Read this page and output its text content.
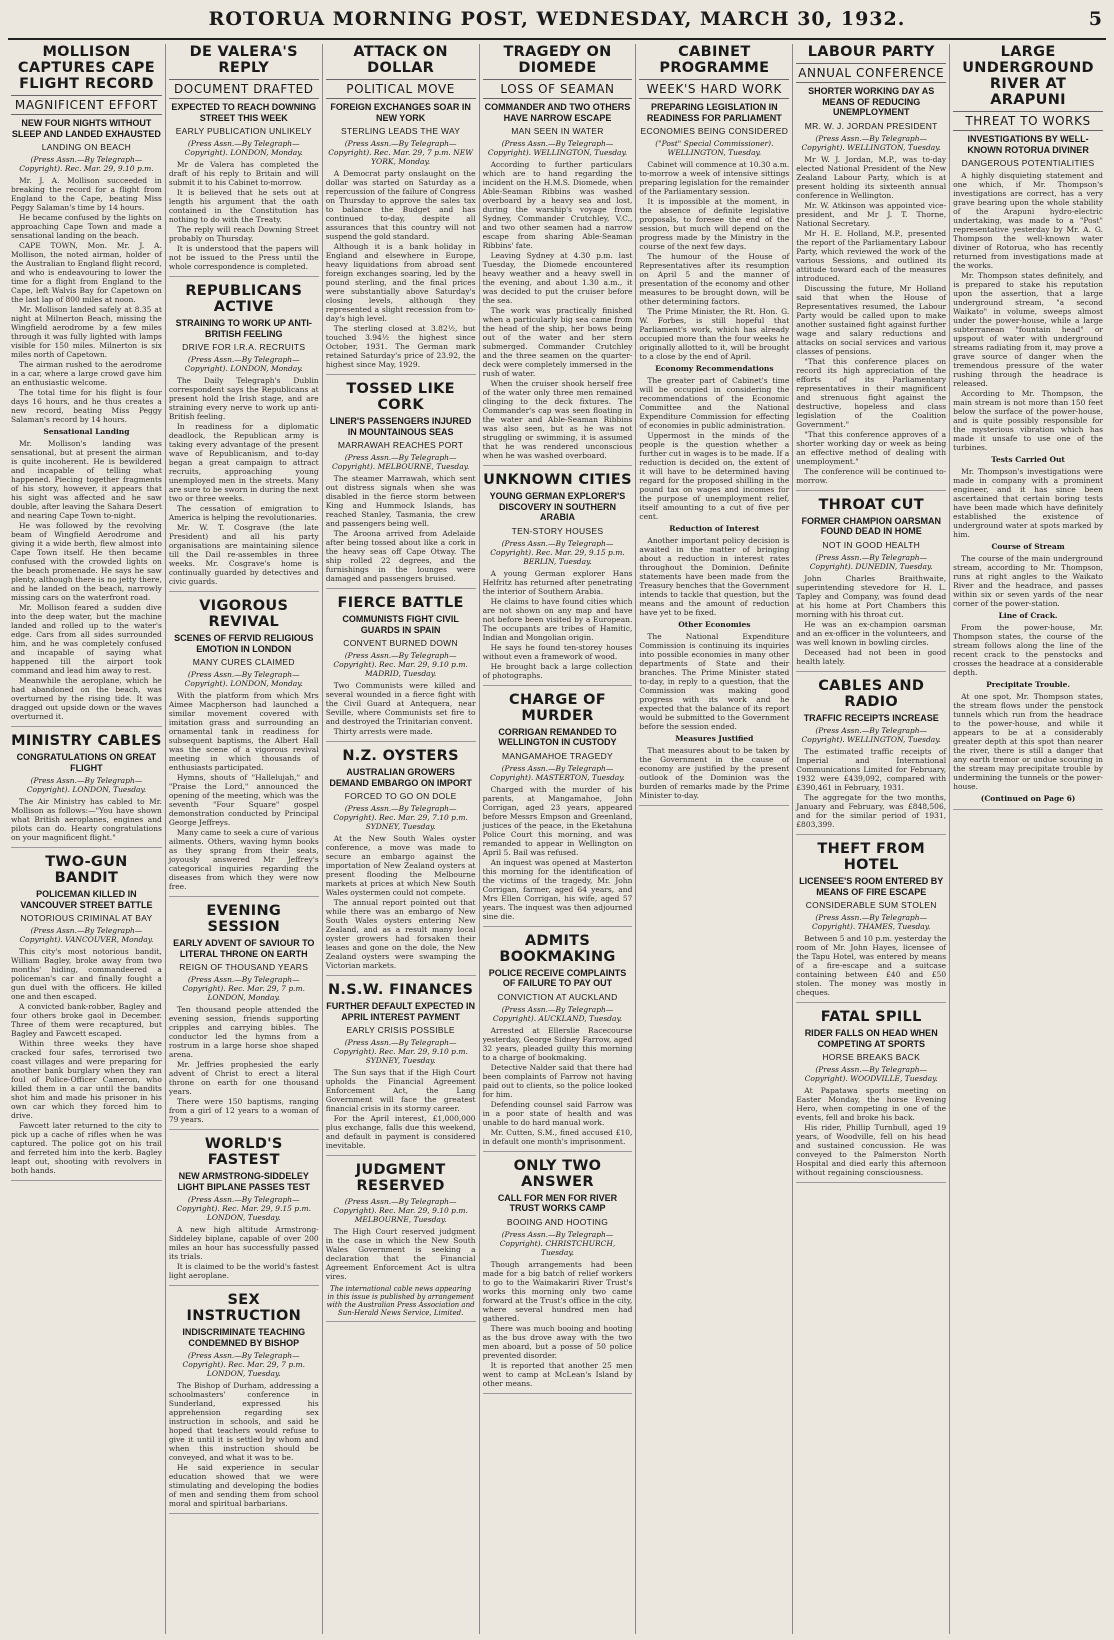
ROTORUA MORNING POST, WEDNESDAY, MARCH 30, 1932.	5
MOLLISON CAPTURES CAPE FLIGHT RECORD
MAGNIFICENT EFFORT
NEW FOUR NIGHTS WITHOUT SLEEP AND LANDED EXHAUSTED
LANDING ON BEACH
(Press Assn.—By Telegraph—Copyright). Rec. Mar. 29, 9.10 p.m.

Mr. J. A. Mollison succeeded in breaking the record for a flight from England to the Cape, beating Miss Peggy Salaman's time by 14 hours.

He became confused by the lights on approaching Cape Town and made a sensational landing on the beach.

CAPE TOWN, Mon. Mr. J. A. Mollison, the noted airman, holder of the Australian to England flight record, and who is endeavouring to lower the time for a flight from England to the Cape, left Walvis Bay for Capetown on the last lap of 800 miles at noon.

Mr. Mollison landed safely at 8.35 at night at Milnerton Beach, missing the Wingfield aerodrome by a few miles through it was fully lighted with lamps visible for 150 miles. Milnerton is six miles north of Capetown.

The airman rushed to the aerodrome in a car, where a large crowd gave him an enthusiastic welcome.

The total time for his flight is four days 16 hours, and he thus creates a new record, beating Miss Peggy Salaman's record by 14 hours.

Sensational Landing

Mr. Mollison's landing was sensational, but at present the airman is quite incoherent. He is bewildered and incapable of telling what happened. Piecing together fragments of his story, however, it appears that his sight was affected and he saw double, after leaving the Sahara Desert and nearing Cape Town to-night.

He was followed by the revolving beam of Wingfield Aerodrome and giving it a wide berth, flew almost into Cape Town itself. He then became confused with the crowded lights on the beach promenade. He says he saw plenty, although there is no jetty there, and he landed on the beach, narrowly missing cars on the waterfront road.

Mr. Mollison feared a sudden dive into the deep water, but the machine landed and rolled up to the water's edge. Cars from all sides surrounded him, and he was completely confused and incapable of saying what happened till the airport took command and lead him away to rest.

Meanwhile the aeroplane, which he had abandoned on the beach, was overturned by the rising tide. It was dragged out upside down or the waves overturned it.

MINISTRY CABLES
CONGRATULATIONS ON GREAT FLIGHT
(Press Assn.—By Telegraph—Copyright). LONDON, Tuesday.

The Air Ministry has cabled to Mr. Mollison as follows:—"You have shown what British aeroplanes, engines and pilots can do. Hearty congratulations on your magnificent flight."

TWO-GUN BANDIT
POLICEMAN KILLED IN VANCOUVER STREET BATTLE
NOTORIOUS CRIMINAL AT BAY
(Press Assn.—By Telegraph—Copyright). VANCOUVER, Monday.

This city's most notorious bandit, William Bagley, broke away from two months' hiding, commandeered a policeman's car and finally fought a gun duel with the officers. He killed one and then escaped.

A convicted bank-robber, Bagley and four others broke gaol in December. Three of them were recaptured, but Bagley and Fawcett escaped.

Within three weeks they have cracked four safes, terrorised two coast villages and were preparing for another bank burglary when they ran foul of Police-Officer Cameron, who killed them in a car until the bandits shot him and made his prisoner in his own car which they forced him to drive.

Fawcett later returned to the city to pick up a cache of rifles when he was captured. The police got on his trail and ferreted him into the kerb. Bagley leapt out, shooting with revolvers in both hands.

DE VALERA'S REPLY
DOCUMENT DRAFTED
EXPECTED TO REACH DOWNING STREET THIS WEEK
EARLY PUBLICATION UNLIKELY
(Press Assn.—By Telegraph—Copyright). LONDON, Monday.

Mr de Valera has completed the draft of his reply to Britain and will submit it to his Cabinet to-morrow.

It is believed that he sets out at length his argument that the oath contained in the Constitution has nothing to do with the Treaty.

The reply will reach Downing Street probably on Thursday.

It is understood that the papers will not be issued to the Press until the whole correspondence is completed.

REPUBLICANS ACTIVE
STRAINING TO WORK UP ANTI-BRITISH FEELING
DRIVE FOR I.R.A. RECRUITS
(Press Assn.—By Telegraph—Copyright). LONDON, Monday.

The Daily Telegraph's Dublin correspondent says the Republicans at present hold the Irish stage, and are straining every nerve to work up anti-British feeling.

In readiness for a diplomatic deadlock, the Republican army is taking every advantage of the present wave of Republicanism, and to-day began a great campaign to attract recruits, approaching young unemployed men in the streets. Many are sure to be sworn in during the next two or three weeks.

The cessation of emigration to America is helping the revolutionaries.

Mr. W. T. Cosgrave (the late President) and all his party organisations are maintaining silence till the Dail re-assembles in three weeks. Mr. Cosgrave's home is continually guarded by detectives and civic guards.

VIGOROUS REVIVAL
SCENES OF FERVID RELIGIOUS EMOTION IN LONDON
MANY CURES CLAIMED
(Press Assn.—By Telegraph—Copyright). LONDON, Monday.

With the platform from which Mrs Aimee Macpherson had launched a similar movement covered with imitation grass and surrounding an ornamental tank in readiness for subsequent baptisms, the Albert Hall was the scene of a vigorous revival meeting in which thousands of enthusiasts participated.

Hymns, shouts of "Hallelujah," and "Praise the Lord," announced the opening of the meeting, which was the seventh "Four Square" gospel demonstration conducted by Principal George Jeffreys.

Many came to seek a cure of various ailments. Others, waving hymn books as they sprang from their seats, joyously answered Mr Jeffrey's categorical inquiries regarding the diseases from which they were now free.

EVENING SESSION
EARLY ADVENT OF SAVIOUR TO LITERAL THRONE ON EARTH
REIGN OF THOUSAND YEARS
(Press Assn.—By Telegraph—Copyright). Rec. Mar. 29, 7 p.m. LONDON, Monday.

Ten thousand people attended the evening session, friends supporting cripples and carrying bibles. The conductor led the hymns from a rostrum in a large horse shoe shaped arena.

Mr. Jeffries prophesied the early advent of Christ to erect a literal throne on earth for one thousand years.

There were 150 baptisms, ranging from a girl of 12 years to a woman of 79 years.

WORLD'S FASTEST
NEW ARMSTRONG-SIDDELEY LIGHT BIPLANE PASSES TEST
(Press Assn.—By Telegraph—Copyright). Rec. Mar. 29, 9.15 p.m. LONDON, Tuesday.

A new high altitude Armstrong-Siddeley biplane, capable of over 200 miles an hour has successfully passed its trials.

It is claimed to be the world's fastest light aeroplane.

SEX INSTRUCTION
INDISCRIMINATE TEACHING CONDEMNED BY BISHOP
(Press Assn.—By Telegraph—Copyright). Rec. Mar. 29, 7 p.m. LONDON, Tuesday.

The Bishop of Durham, addressing a schoolmasters' conference in Sunderland, expressed his apprehension regarding sex instruction in schools, and said he hoped that teachers would refuse to give it until it is settled by whom and when this instruction should be conveyed, and what it was to be.

He said experience in secular education showed that we were stimulating and developing the bodies of men and sending them from school moral and spiritual barbarians.

ATTACK ON DOLLAR
POLITICAL MOVE
FOREIGN EXCHANGES SOAR IN NEW YORK
STERLING LEADS THE WAY
(Press Assn.—By Telegraph—Copyright). Rec. Mar. 29, 7 p.m. NEW YORK, Monday.

A Democrat party onslaught on the dollar was started on Saturday as a repercussion of the failure of Congress on Thursday to approve the sales tax to balance the Budget and has continued to-day, despite all assurances that this country will not suspend the gold standard.

Although it is a bank holiday in England and elsewhere in Europe, heavy liquidations from abroad sent foreign exchanges soaring, led by the pound sterling, and the final prices were substantially above Saturday's closing levels, although they represented a slight recession from to-day's high level.

The sterling closed at 3.82½, but touched 3.94½ the highest since October, 1931. The German mark retained Saturday's price of 23.92, the highest since May, 1929.

TOSSED LIKE CORK
LINER'S PASSENGERS INJURED IN MOUNTAINOUS SEAS
MARRAWAH REACHES PORT
(Press Assn.—By Telegraph—Copyright). MELBOURNE, Tuesday.

The steamer Marrawah, which sent out distress signals when she was disabled in the fierce storm between King and Hummock Islands, has reached Stanley, Tasmania, the crew and passengers being well.

The Aroona arrived from Adelaide after being tossed about like a cork in the heavy seas off Cape Otway. The ship rolled 22 degrees, and the furnishings in the lounges were damaged and passengers bruised.

FIERCE BATTLE
COMMUNISTS FIGHT CIVIL GUARDS IN SPAIN
CONVENT BURNED DOWN
(Press Assn.—By Telegraph—Copyright). Rec. Mar. 29, 9.10 p.m. MADRID, Tuesday.

Two Communists were killed and several wounded in a fierce fight with the Civil Guard at Antequera, near Seville, where Communists set fire to and destroyed the Trinitarian convent.

Thirty arrests were made.

N.Z. OYSTERS
AUSTRALIAN GROWERS DEMAND EMBARGO ON IMPORT
FORCED TO GO ON DOLE
(Press Assn.—By Telegraph—Copyright). Rec. Mar. 29, 7.10 p.m. SYDNEY, Tuesday.

At the New South Wales oyster conference, a move was made to secure an embargo against the importation of New Zealand oysters at present flooding the Melbourne markets at prices at which New South Wales oystermen could not compete.

The annual report pointed out that while there was an embargo of New South Wales oysters entering New Zealand, and as a result many local oyster growers had forsaken their leases and gone on the dole, the New Zealand oysters were swamping the Victorian markets.

N.S.W. FINANCES
FURTHER DEFAULT EXPECTED IN APRIL INTEREST PAYMENT
EARLY CRISIS POSSIBLE
(Press Assn.—By Telegraph—Copyright). Rec. Mar. 29, 9.10 p.m. SYDNEY, Tuesday.

The Sun says that if the High Court upholds the Financial Agreement Enforcement Act, the Lang Government will face the greatest financial crisis in its stormy career.

For the April interest, £1,000,000 plus exchange, falls due this weekend, and default in payment is considered inevitable.

JUDGMENT RESERVED
(Press Assn.—By Telegraph—Copyright). Rec. Mar. 29, 9.10 p.m. MELBOURNE, Tuesday.

The High Court reserved judgment in the case in which the New South Wales Government is seeking a declaration that the Financial Agreement Enforcement Act is ultra vires.

The international cable news appearing in this issue is published by arrangement with the Australian Press Association and Sun-Herald News Service, Limited.
TRAGEDY ON DIOMEDE
LOSS OF SEAMAN
COMMANDER AND TWO OTHERS HAVE NARROW ESCAPE
MAN SEEN IN WATER
(Press Assn.—By Telegraph—Copyright). WELLINGTON, Tuesday.

According to further particulars which are to hand regarding the incident on the H.M.S. Diomede, when Able-Seaman Ribbins was washed overboard by a heavy sea and lost, during the warship's voyage from Sydney, Commander Crutchley, V.C., and two other seamen had a narrow escape from sharing Able-Seaman Ribbins' fate.

Leaving Sydney at 4.30 p.m. last Tuesday, the Diomede encountered heavy weather and a heavy swell in the evening, and about 1.30 a.m., it was decided to put the cruiser before the sea.

The work was practically finished when a particularly big sea came from the head of the ship, her bows being out of the water and her stern submerged. Commander Crutchley and the three seamen on the quarter-deck were completely immersed in the rush of water.

When the cruiser shook herself free of the water only three men remained clinging to the deck fixtures. The Commander's cap was seen floating in the water and Able-Seaman Ribbins was also seen, but as he was not struggling or swimming, it is assumed that he was rendered unconscious when he was washed overboard.

UNKNOWN CITIES
YOUNG GERMAN EXPLORER'S DISCOVERY IN SOUTHERN ARABIA
TEN-STORY HOUSES
(Press Assn.—By Telegraph—Copyright). Rec. Mar. 29, 9.15 p.m. BERLIN, Tuesday.

A young German explorer Hans Helfritz has returned after penetrating the interior of Southern Arabia.

He claims to have found cities which are not shown on any map and have not before been visited by a European. The occupants are tribes of Hamitic, Indian and Mongolian origin.

He says he found ten-storey houses without even a framework of wood.

He brought back a large collection of photographs.

CHARGE OF MURDER
CORRIGAN REMANDED TO WELLINGTON IN CUSTODY
MANGAMAHOE TRAGEDY
(Press Assn.—By Telegraph—Copyright). MASTERTON, Tuesday.

Charged with the murder of his parents, at Mangamahoe, John Corrigan, aged 23 years, appeared before Messrs Empson and Greenland, justices of the peace, in the Eketahuna Police Court this morning, and was remanded to appear in Wellington on April 5. Bail was refused.

An inquest was opened at Masterton this morning for the identification of the victims of the tragedy, Mr. John Corrigan, farmer, aged 64 years, and Mrs Ellen Corrigan, his wife, aged 57 years. The inquest was then adjourned sine die.

ADMITS BOOKMAKING
POLICE RECEIVE COMPLAINTS OF FAILURE TO PAY OUT
CONVICTION AT AUCKLAND
(Press Assn.—By Telegraph—Copyright). AUCKLAND, Tuesday.

Arrested at Ellerslie Racecourse yesterday, George Sidney Farrow, aged 32 years, pleaded guilty this morning to a charge of bookmaking.

Detective Nalder said that there had been complaints of Farrow not having paid out to clients, so the police looked for him.

Defending counsel said Farrow was in a poor state of health and was unable to do hard manual work.

Mr. Cutten, S.M., fined accused £10, in default one month's imprisonment.

ONLY TWO ANSWER
CALL FOR MEN FOR RIVER TRUST WORKS CAMP
BOOING AND HOOTING
(Press Assn.—By Telegraph—Copyright). CHRISTCHURCH, Tuesday.

Though arrangements had been made for a big batch of relief workers to go to the Waimakariri River Trust's works this morning only two came forward at the Trust's office in the city, where several hundred men had gathered.

There was much booing and hooting as the bus drove away with the two men aboard, but a posse of 50 police prevented disorder.

It is reported that another 25 men went to camp at McLean's Island by other means.

CABINET PROGRAMME
WEEK'S HARD WORK
PREPARING LEGISLATION IN READINESS FOR PARLIAMENT
ECONOMIES BEING CONSIDERED
("Post" Special Commissioner). WELLINGTON, Tuesday.

Cabinet will commence at 10.30 a.m. to-morrow a week of intensive sittings preparing legislation for the remainder of the Parliamentary session.

It is impossible at the moment, in the absence of definite legislative proposals, to foresee the end of the session, but much will depend on the progress made by the Ministry in the course of the next few days.

The humour of the House of Representatives after its resumption on April 5 and the manner of presentation of the economy and other measures to be brought down, will be other determining factors.

The Prime Minister, the Rt. Hon. G. W. Forbes, is still hopeful that Parliament's work, which has already occupied more than the four weeks he originally allotted to it, will be brought to a close by the end of April.

Economy Recommendations

The greater part of Cabinet's time will be occupied in considering the recommendations of the Economic Committee and the National Expenditure Commission for effecting of economies in public administration.

Uppermost in the minds of the people is the question whether a further cut in wages is to be made. If a reduction is decided on, the extent of it will have to be determined having regard for the proposed shilling in the pound tax on wages and incomes for the purpose of unemployment relief, itself amounting to a cut of five per cent.

Reduction of Interest

Another important policy decision is awaited in the matter of bringing about a reduction in interest rates throughout the Dominion. Definite statements have been made from the Treasury benches that the Government intends to tackle that question, but the means and the amount of reduction have yet to be fixed.

Other Economies

The National Expenditure Commission is continuing its inquiries into possible economies in many other departments of State and their branches. The Prime Minister stated to-day, in reply to a question, that the Commission was making good progress with its work and he expected that the balance of its report would be submitted to the Government before the session ended.

Measures Justified

That measures about to be taken by the Government in the cause of economy are justified by the present outlook of the Dominion was the burden of remarks made by the Prime Minister to-day.

LABOUR PARTY
ANNUAL CONFERENCE
SHORTER WORKING DAY AS MEANS OF REDUCING UNEMPLOYMENT
MR. W. J. JORDAN PRESIDENT
(Press Assn.—By Telegraph—Copyright). WELLINGTON, Tuesday.

Mr W. J. Jordan, M.P., was to-day elected National President of the New Zealand Labour Party, which is at present holding its sixteenth annual conference in Wellington.

Mr. W. Atkinson was appointed vice-president, and Mr J. T. Thorne, National Secretary.

Mr H. E. Holland, M.P., presented the report of the Parliamentary Labour Party, which reviewed the work of the various Sessions, and outlined its attitude toward each of the measures introduced.

Discussing the future, Mr Holland said that when the House of Representatives resumed, the Labour Party would be called upon to make another sustained fight against further wage and salary reductions and attacks on social services and various classes of pensions.

"That this conference places on record its high appreciation of the efforts of its Parliamentary representatives in their magnificent and strenuous fight against the destructive, hopeless and class legislation of the Coalition Government."

"That this conference approves of a shorter working day or week as being an effective method of dealing with unemployment."

The conference will be continued to-morrow.

THROAT CUT
FORMER CHAMPION OARSMAN FOUND DEAD IN HOME
NOT IN GOOD HEALTH
(Press Assn.—By Telegraph—Copyright). DUNEDIN, Tuesday.

John Charles Braithwaite, superintending stevedore for H. L. Tapley and Company, was found dead at his home at Port Chambers this morning with his throat cut.

He was an ex-champion oarsman and an ex-officer in the volunteers, and was well known in bowling circles.

Deceased had not been in good health lately.

CABLES AND RADIO
TRAFFIC RECEIPTS INCREASE
(Press Assn.—By Telegraph—Copyright). WELLINGTON, Tuesday.

The estimated traffic receipts of Imperial and International Communications Limited for February, 1932 were £439,092, compared with £390,461 in February, 1931.

The aggregate for the two months, January and February, was £848,506, and for the similar period of 1931, £803,399.

THEFT FROM HOTEL
LICENSEE'S ROOM ENTERED BY MEANS OF FIRE ESCAPE
CONSIDERABLE SUM STOLEN
(Press Assn.—By Telegraph—Copyright). THAMES, Tuesday.

Between 5 and 10 p.m. yesterday the room of Mr. John Hayes, licensee of the Tapu Hotel, was entered by means of a fire-escape and a suitcase containing between £40 and £50 stolen. The money was mostly in cheques.

FATAL SPILL
RIDER FALLS ON HEAD WHEN COMPETING AT SPORTS
HORSE BREAKS BACK
(Press Assn.—By Telegraph—Copyright). WOODVILLE, Tuesday.

At Papatawa sports meeting on Easter Monday, the horse Evening Hero, when competing in one of the events, fell and broke his back.

His rider, Phillip Turnbull, aged 19 years, of Woodville, fell on his head and sustained concussion. He was conveyed to the Palmerston North Hospital and died early this afternoon without regaining consciousness.

LARGE UNDERGROUND RIVER AT ARAPUNI
THREAT TO WORKS
INVESTIGATIONS BY WELL-KNOWN ROTORUA DIVINER
DANGEROUS POTENTIALITIES

A highly disquieting statement and one which, if Mr. Thompson's investigations are correct, has a very grave bearing upon the whole stability of the Arapuni hydro-electric undertaking, was made to a "Post" representative yesterday by Mr. A. G. Thompson the well-known water diviner of Rotorua, who has recently returned from investigations made at the works.

Mr. Thompson states definitely, and is prepared to stake his reputation upon the assertion, that a large underground stream, "a second Waikato" in volume, sweeps almost under the power-house, while a large subterranean "fountain head" or upspout of water with underground streams radiating from it, may prove a grave source of danger when the tremendous pressure of the water rushing through the headrace is released.

According to Mr. Thompson, the main stream is not more than 150 feet below the surface of the power-house, and is quite possibly responsible for the mysterious vibration which has made it unsafe to use one of the turbines.

Tests Carried Out

Mr. Thompson's investigations were made in company with a prominent engineer, and it has since been ascertained that certain boring tests have been made which have definitely established the existence of underground water at spots marked by him.

Course of Stream

The course of the main underground stream, according to Mr. Thompson, runs at right angles to the Waikato River and the headrace, and passes within six or seven yards of the near corner of the power-station.

Line of Crack.

From the power-house, Mr. Thompson states, the course of the stream follows along the line of the recent crack to the penstocks and crosses the headrace at a considerable depth.

Precipitate Trouble.

At one spot, Mr. Thompson states, the stream flows under the penstock tunnels which run from the headrace to the power-house, and while it appears to be at a considerably greater depth at this spot than nearer the river, there is still a danger that any earth tremor or undue scouring in the stream may precipitate trouble by undermining the tunnels or the power-house.

(Continued on Page 6)
